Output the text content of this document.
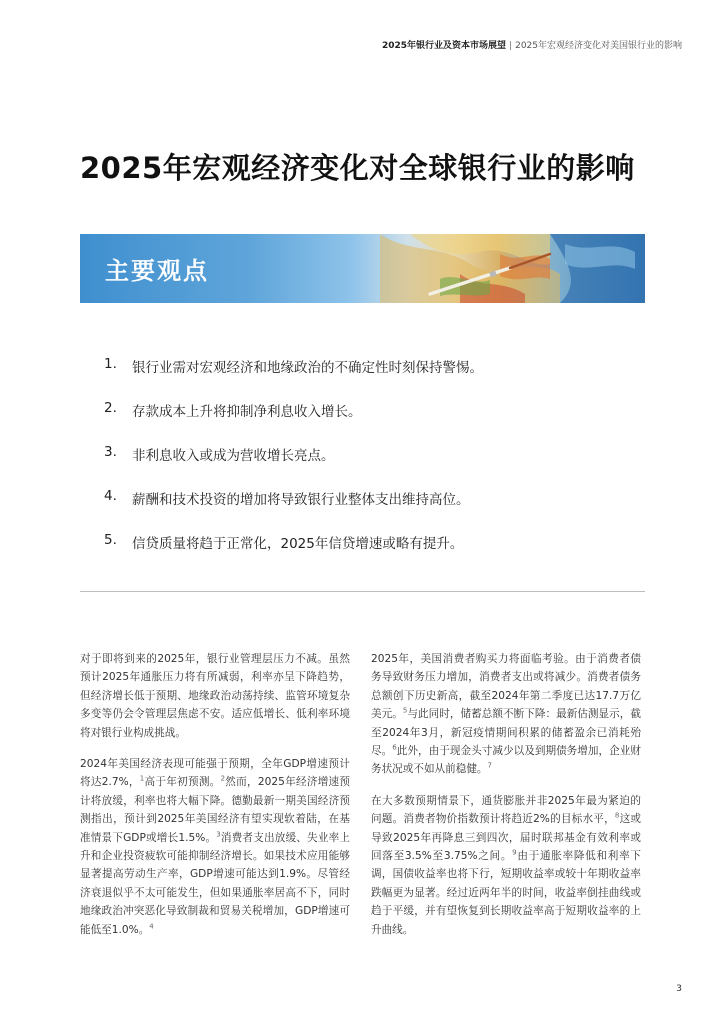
2025年银行业及资本市场展望 | 2025年宏观经济变化对美国银行业的影响
2025年宏观经济变化对全球银行业的影响
主要观点
1.	银行业需对宏观经济和地缘政治的不确定性时刻保持警惕。
2.	存款成本上升将抑制净利息收入增长。
3.	非利息收入或成为营收增长亮点。
4.	薪酬和技术投资的增加将导致银行业整体支出维持高位。
5.	信贷质量将趋于正常化，2025年信贷增速或略有提升。

对于即将到来的2025年，银行业管理层压力不减。虽然预计2025年通胀压力将有所减弱，利率亦呈下降趋势，但经济增长低于预期、地缘政治动荡持续、监管环境复杂多变等仍会令管理层焦虑不安。适应低增长、低利率环境将对银行业构成挑战。

2024年美国经济表现可能强于预期，全年GDP增速预计将达2.7%，$^1$高于年初预测。$^2$然而，2025年经济增速预计将放缓，利率也将大幅下降。德勤最新一期美国经济预测指出，预计到2025年美国经济有望实现软着陆，在基准情景下GDP或增长1.5%。$^3$消费者支出放缓、失业率上升和企业投资疲软可能抑制经济增长。如果技术应用能够显著提高劳动生产率，GDP增速可能达到1.9%。尽管经济衰退似乎不太可能发生，但如果通胀率居高不下，同时地缘政治冲突恶化导致制裁和贸易关税增加，GDP增速可能低至1.0%。$^4$

2025年，美国消费者购买力将面临考验。由于消费者债务导致财务压力增加，消费者支出或将减少。消费者债务总额创下历史新高，截至2024年第二季度已达17.7万亿美元。$^5$与此同时，储蓄总额不断下降：最新估测显示，截至2024年3月，新冠疫情期间积累的储蓄盈余已消耗殆尽。$^6$此外，由于现金头寸减少以及到期债务增加，企业财务状况或不如从前稳健。$^7$

在大多数预期情景下，通货膨胀并非2025年最为紧迫的问题。消费者物价指数预计将趋近2%的目标水平，$^8$这或导致2025年再降息三到四次，届时联邦基金有效利率或回落至3.5%至3.75%之间。$^9$由于通胀率降低和利率下调，国债收益率也将下行，短期收益率或较十年期收益率跌幅更为显著。经过近两年半的时间，收益率倒挂曲线或趋于平缓，并有望恢复到长期收益率高于短期收益率的上升曲线。

3
